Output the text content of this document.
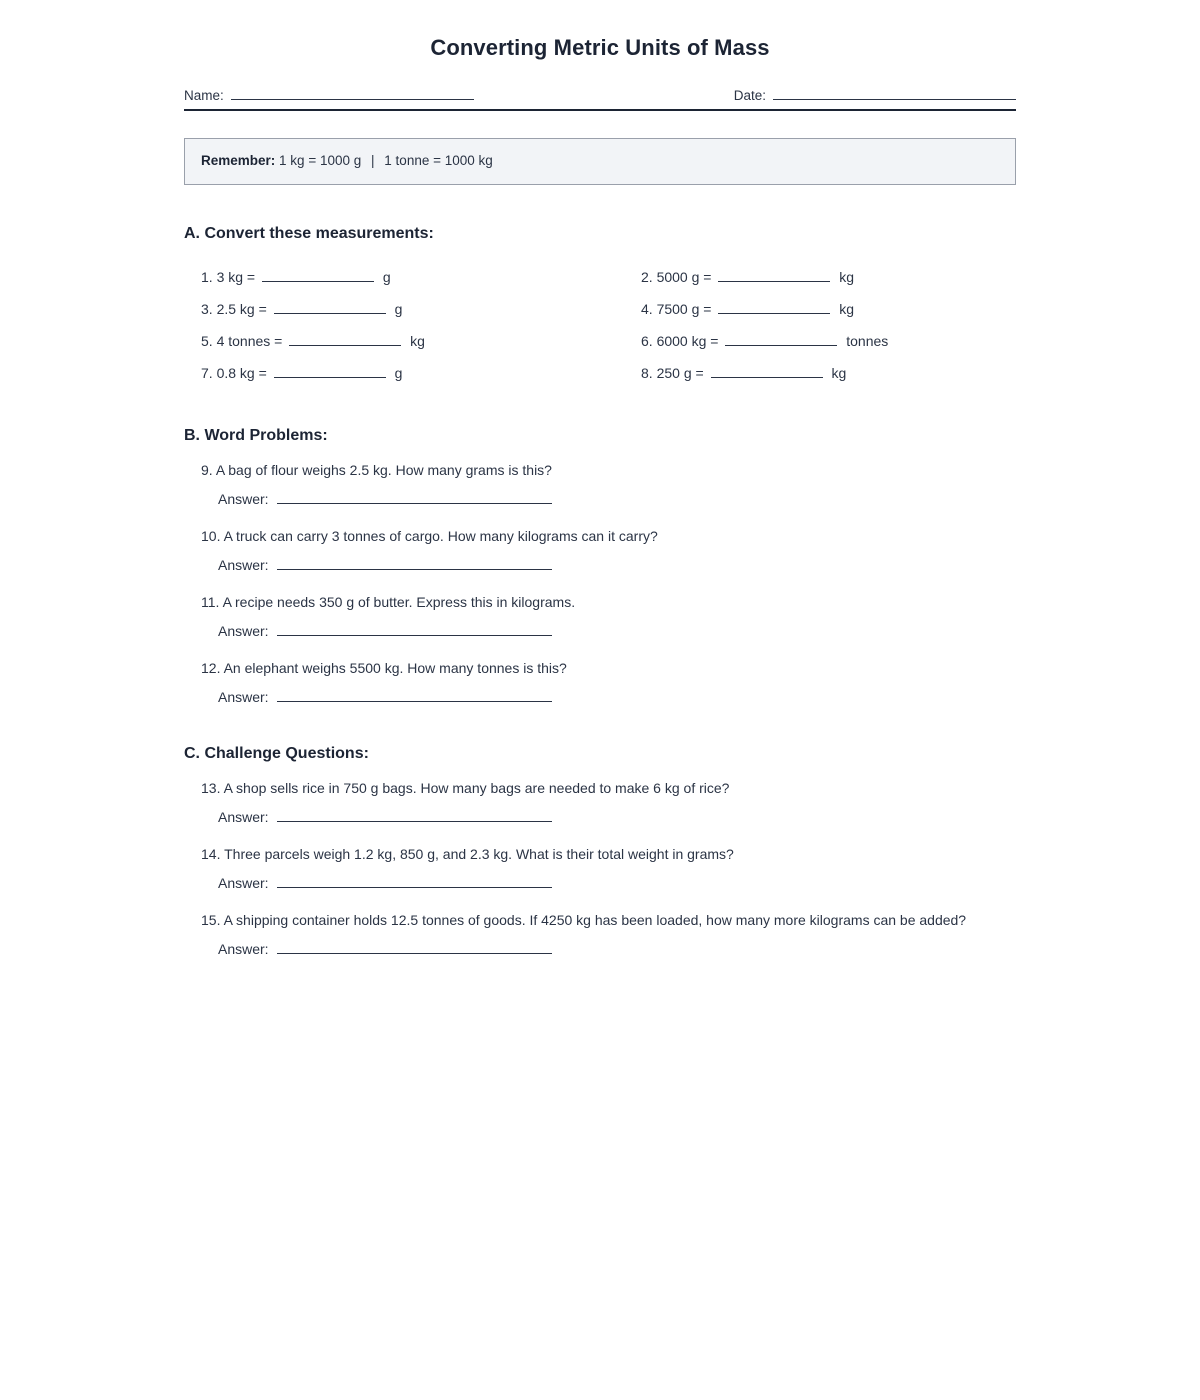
Converting Metric Units of Mass
Name:	Date:
Remember: 1 kg = 1000 g | 1 tonne = 1000 kg
A. Convert these measurements:
1. 3 kg =	g	2. 5000 g =	kg
3. 2.5 kg =	g	4. 7500 g =	kg
5. 4 tonnes =	kg	6. 6000 kg =	tonnes
7. 0.8 kg =	g	8. 250 g =	kg
B. Word Problems:
9. A bag of flour weighs 2.5 kg. How many grams is this?
Answer:
10. A truck can carry 3 tonnes of cargo. How many kilograms can it carry?
Answer:
11. A recipe needs 350 g of butter. Express this in kilograms.
Answer:
12. An elephant weighs 5500 kg. How many tonnes is this?
Answer:
C. Challenge Questions:
13. A shop sells rice in 750 g bags. How many bags are needed to make 6 kg of rice?
Answer:
14. Three parcels weigh 1.2 kg, 850 g, and 2.3 kg. What is their total weight in grams?
Answer:
15. A shipping container holds 12.5 tonnes of goods. If 4250 kg has been loaded, how many more kilograms can be added?
Answer:
